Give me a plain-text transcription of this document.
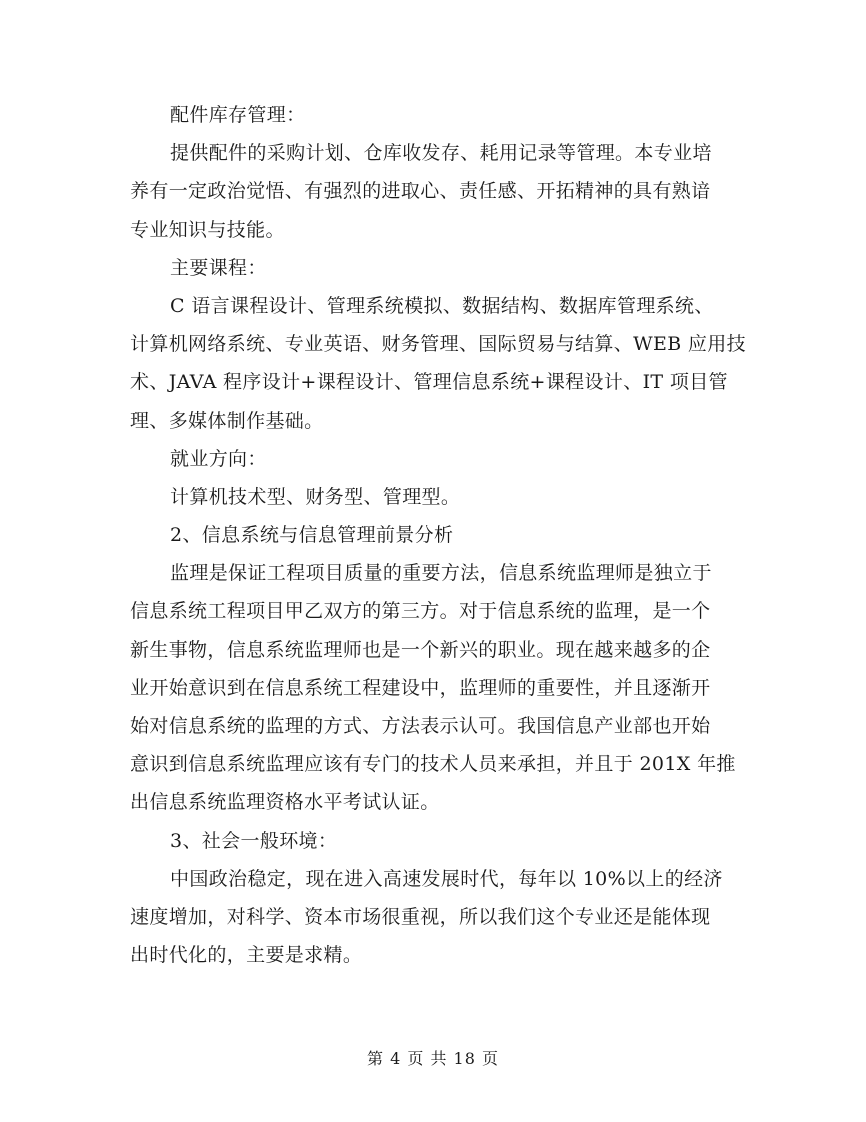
配件库存管理：
提供配件的采购计划、仓库收发存、耗用记录等管理。本专业培
养有一定政治觉悟、有强烈的进取心、责任感、开拓精神的具有熟谙
专业知识与技能。
主要课程：
C 语言课程设计、管理系统模拟、数据结构、数据库管理系统、
计算机网络系统、专业英语、财务管理、国际贸易与结算、WEB 应用技
术、JAVA 程序设计+课程设计、管理信息系统+课程设计、IT 项目管
理、多媒体制作基础。
就业方向：
计算机技术型、财务型、管理型。
2、信息系统与信息管理前景分析
监理是保证工程项目质量的重要方法，信息系统监理师是独立于
信息系统工程项目甲乙双方的第三方。对于信息系统的监理，是一个
新生事物，信息系统监理师也是一个新兴的职业。现在越来越多的企
业开始意识到在信息系统工程建设中，监理师的重要性，并且逐渐开
始对信息系统的监理的方式、方法表示认可。我国信息产业部也开始
意识到信息系统监理应该有专门的技术人员来承担，并且于 201X 年推
出信息系统监理资格水平考试认证。
3、社会一般环境：
中国政治稳定，现在进入高速发展时代，每年以 10%以上的经济
速度增加，对科学、资本市场很重视，所以我们这个专业还是能体现
出时代化的，主要是求精。
第 4 页 共 18 页
